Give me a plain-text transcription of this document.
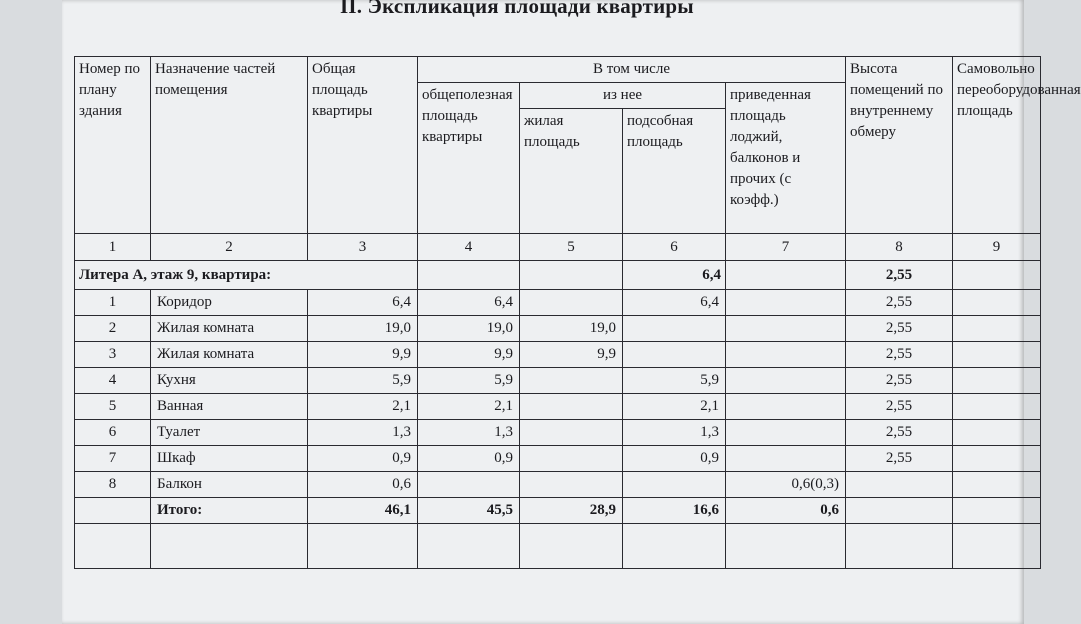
II. Экспликация площади квартиры
Номер по плану здания	Назначение частей помещения	Общая площадь квартиры	В том числе				Высота помещений по внутреннему обмеру	Самовольно переоборудованная площадь
			общеполезная площадь квартиры	из нее		приведенная площадь лоджий, балконов и прочих (с коэфф.)		
				жилая площадь	подсобная площадь			
1	2	3	4	5	6	7	8	9
Литера А, этаж 9, квартира:					6,4		2,55	
1	Коридор	6,4	6,4		6,4		2,55	
2	Жилая комната	19,0	19,0	19,0			2,55	
3	Жилая комната	9,9	9,9	9,9			2,55	
4	Кухня	5,9	5,9		5,9		2,55	
5	Ванная	2,1	2,1		2,1		2,55	
6	Туалет	1,3	1,3		1,3		2,55	
7	Шкаф	0,9	0,9		0,9		2,55	
8	Балкон	0,6				0,6(0,3)		
	Итого:	46,1	45,5	28,9	16,6	0,6		
